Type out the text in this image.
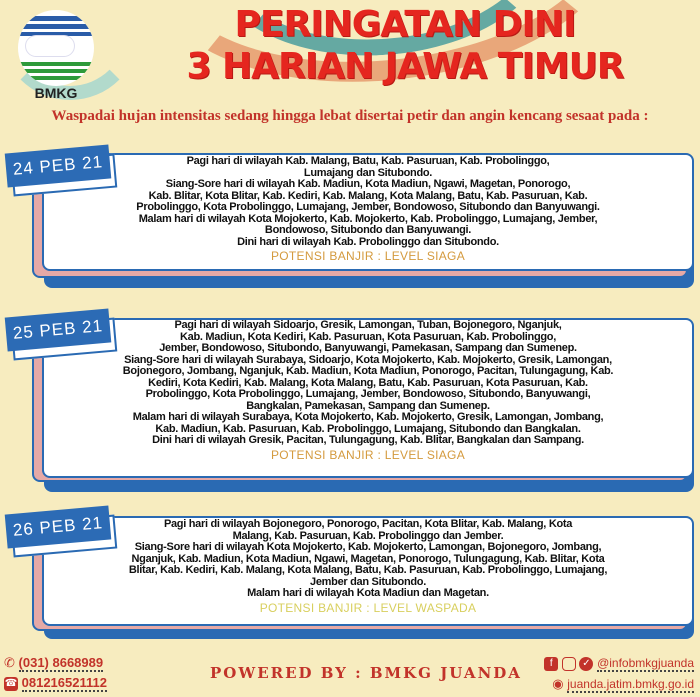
BMKG
PERINGATAN DINI
3 HARIAN JAWA TIMUR
Waspadai hujan intensitas sedang hingga lebat disertai petir dan angin kencang sesaat pada :
24 PEB 21	Pagi hari di wilayah Kab. Malang, Batu, Kab. Pasuruan, Kab. Probolinggo,
Lumajang dan Situbondo.
Siang-Sore hari di wilayah Kab. Madiun, Kota Madiun, Ngawi, Magetan, Ponorogo,
Kab. Blitar, Kota Blitar, Kab. Kediri, Kab. Malang, Kota Malang, Batu, Kab. Pasuruan, Kab.
Probolinggo, Kota Probolinggo, Lumajang, Jember, Bondowoso, Situbondo dan Banyuwangi.
Malam hari di wilayah Kota Mojokerto, Kab. Mojokerto, Kab. Probolinggo, Lumajang, Jember,
Bondowoso, Situbondo dan Banyuwangi.
Dini hari di wilayah Kab. Probolinggo dan Situbondo.
POTENSI BANJIR : LEVEL SIAGA
25 PEB 21	Pagi hari di wilayah Sidoarjo, Gresik, Lamongan, Tuban, Bojonegoro, Nganjuk,
Kab. Madiun, Kota Kediri, Kab. Pasuruan, Kota Pasuruan, Kab. Probolinggo,
Jember, Bondowoso, Situbondo, Banyuwangi, Pamekasan, Sampang dan Sumenep.
Siang-Sore hari di wilayah Surabaya, Sidoarjo, Kota Mojokerto, Kab. Mojokerto, Gresik, Lamongan,
Bojonegoro, Jombang, Nganjuk, Kab. Madiun, Kota Madiun, Ponorogo, Pacitan, Tulungagung, Kab.
Kediri, Kota Kediri, Kab. Malang, Kota Malang, Batu, Kab. Pasuruan, Kota Pasuruan, Kab.
Probolinggo, Kota Probolinggo, Lumajang, Jember, Bondowoso, Situbondo, Banyuwangi,
Bangkalan, Pamekasan, Sampang dan Sumenep.
Malam hari di wilayah Surabaya, Kota Mojokerto, Kab. Mojokerto, Gresik, Lamongan, Jombang,
Kab. Madiun, Kab. Pasuruan, Kab. Probolinggo, Lumajang, Situbondo dan Bangkalan.
Dini hari di wilayah Gresik, Pacitan, Tulungagung, Kab. Blitar, Bangkalan dan Sampang.
POTENSI BANJIR : LEVEL SIAGA
26 PEB 21	Pagi hari di wilayah Bojonegoro, Ponorogo, Pacitan, Kota Blitar, Kab. Malang, Kota
Malang, Kab. Pasuruan, Kab. Probolinggo dan Jember.
Siang-Sore hari di wilayah Kota Mojokerto, Kab. Mojokerto, Lamongan, Bojonegoro, Jombang,
Nganjuk, Kab. Madiun, Kota Madiun, Ngawi, Magetan, Ponorogo, Tulungagung, Kab. Blitar, Kota
Blitar, Kab. Kediri, Kab. Malang, Kota Malang, Batu, Kab. Pasuruan, Kab. Probolinggo, Lumajang,
Jember dan Situbondo.
Malam hari di wilayah Kota Madiun dan Magetan.
POTENSI BANJIR : LEVEL WASPADA
✆ (031) 8668989
☎ 081216521112
POWERED BY : BMKG JUANDA
f	✓ @infobmkgjuanda
◉ juanda.jatim.bmkg.go.id
